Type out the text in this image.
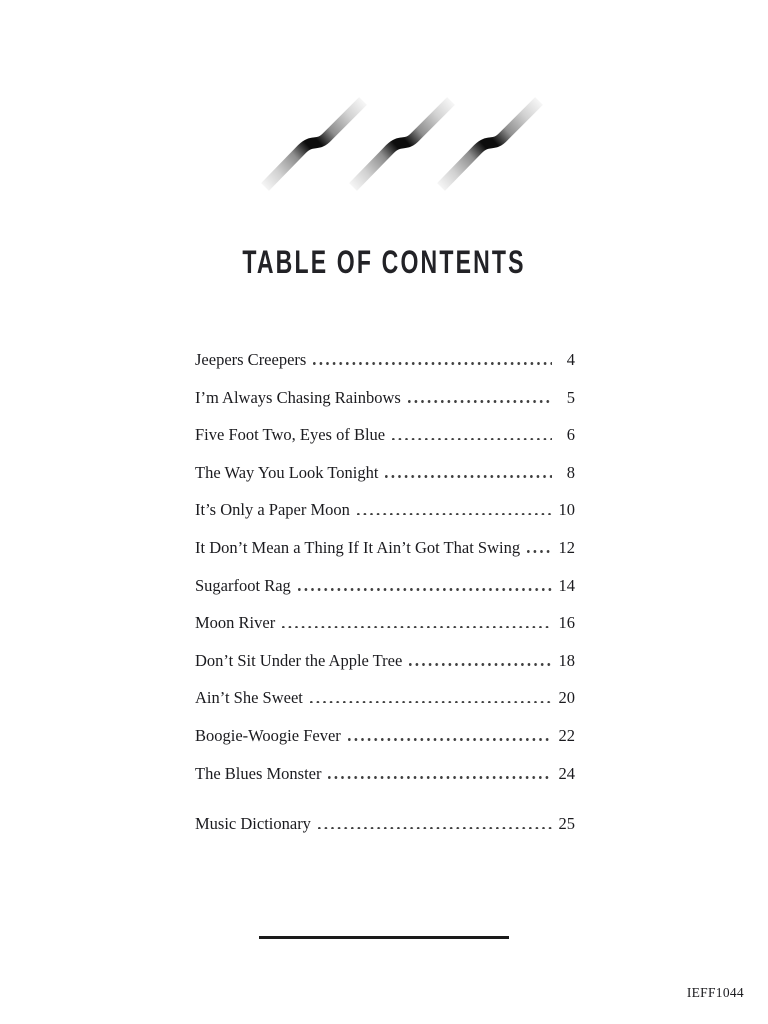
TABLE OF CONTENTS
Jeepers Creepers	4
I’m Always Chasing Rainbows	5
Five Foot Two, Eyes of Blue	6
The Way You Look Tonight	8
It’s Only a Paper Moon	10
It Don’t Mean a Thing If It Ain’t Got That Swing 12
Sugarfoot Rag	14
Moon River	16
Don’t Sit Under the Apple Tree	18
Ain’t She Sweet	20
Boogie-Woogie Fever	22
The Blues Monster	24
Music Dictionary	25
IEFF1044
